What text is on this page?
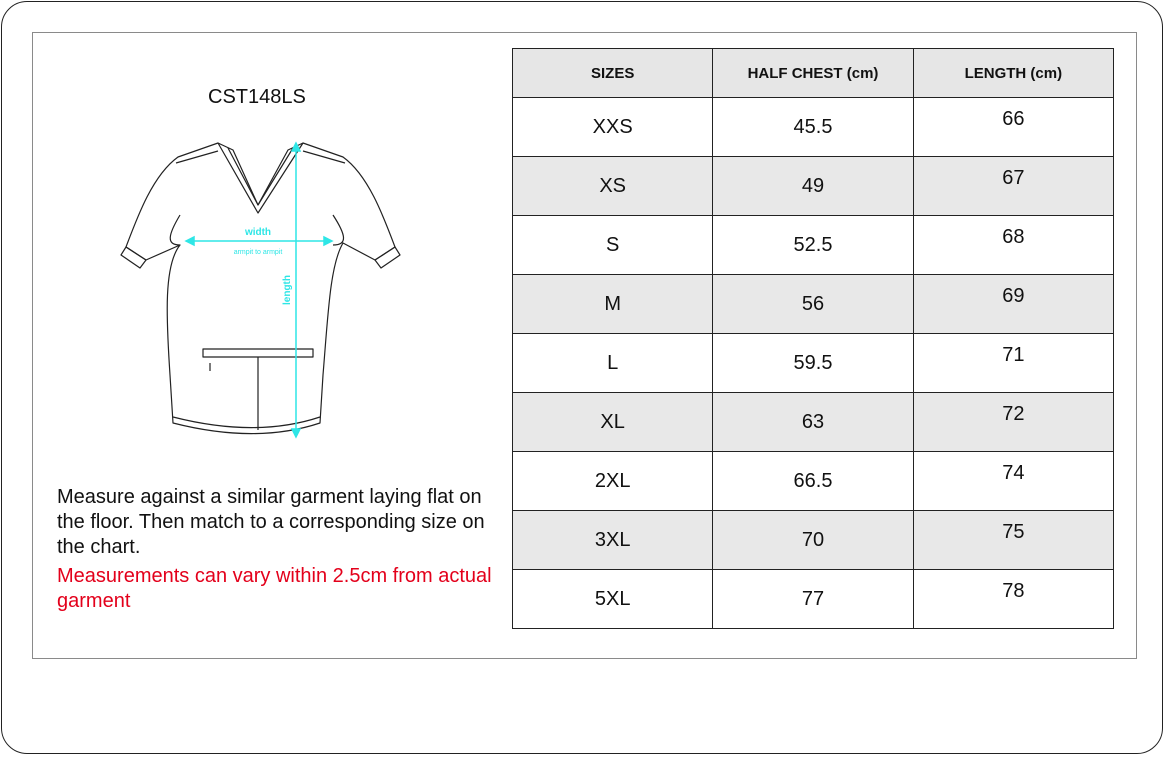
CST148LS
width
armpit to armpit
length
Measure against a similar garment laying flat on the floor. Then match to a corresponding size on the chart.
Measurements can vary within 2.5cm from actual garment
SIZES	HALF CHEST (cm)	LENGTH (cm)
XXS	45.5	66
XS	49	67
S	52.5	68
M	56	69
L	59.5	71
XL	63	72
2XL	66.5	74
3XL	70	75
5XL	77	78
